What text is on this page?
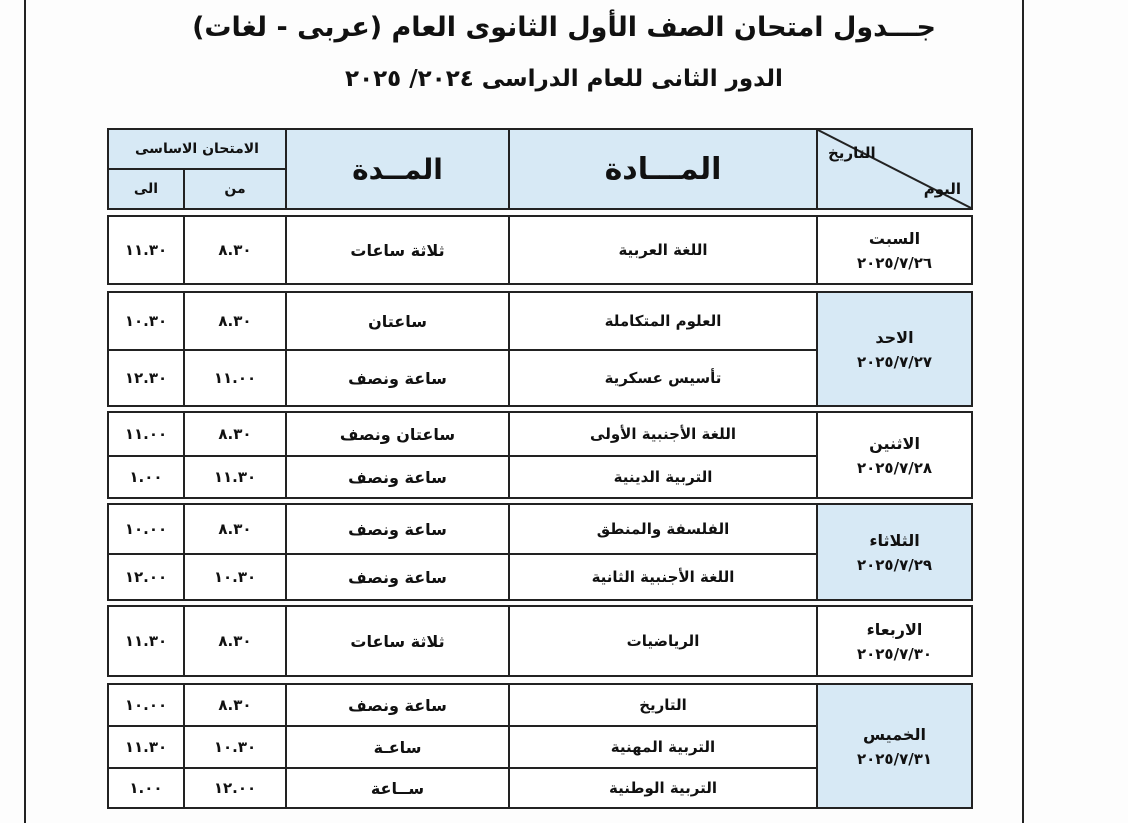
جـــدول امتحان الصف الأول الثانوى العام (عربى - لغات)
الدور الثانى للعام الدراسى ٢٠٢٤/ ٢٠٢٥
التاريخ
اليوم
المـــادة
المــدة
الامتحان الاساسى
من
الى
السبت
٢٠٢٥/٧/٢٦
اللغة العربية
ثلاثة ساعات
٨.٣٠
١١.٣٠
الاحد
٢٠٢٥/٧/٢٧
العلوم المتكاملة
ساعتان
٨.٣٠
١٠.٣٠
تأسيس عسكرية
ساعة ونصف
١١.٠٠
١٢.٣٠
الاثنين
٢٠٢٥/٧/٢٨
اللغة الأجنبية الأولى
ساعتان ونصف
٨.٣٠
١١.٠٠
التربية الدينية
ساعة ونصف
١١.٣٠
١.٠٠
الثلاثاء
٢٠٢٥/٧/٢٩
الفلسفة والمنطق
ساعة ونصف
٨.٣٠
١٠.٠٠
اللغة الأجنبية الثانية
ساعة ونصف
١٠.٣٠
١٢.٠٠
الاربعاء
٢٠٢٥/٧/٣٠
الرياضيات
ثلاثة ساعات
٨.٣٠
١١.٣٠
الخميس
٢٠٢٥/٧/٣١
التاريخ
ساعة ونصف
٨.٣٠
١٠.٠٠
التربية المهنية
ساعـة
١٠.٣٠
١١.٣٠
التربية الوطنية
ســاعة
١٢.٠٠
١.٠٠
